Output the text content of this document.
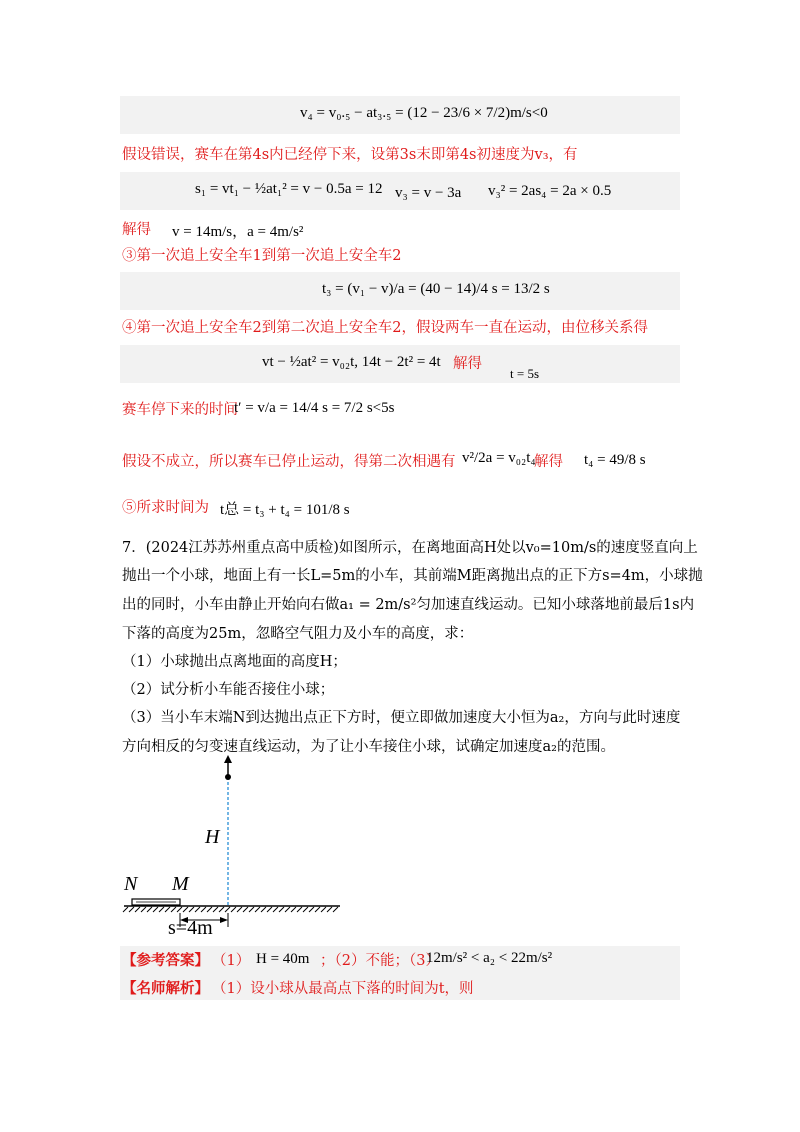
v₄ = v₀.₅ − at₃.₅ = (12 − 23/6 × 7/2)m/s<0
假设错误，赛车在第4s内已经停下来，设第3s末即第4s初速度为v₃，有
s₁ = vt₁ − ½at₁² = v − 0.5a = 12 v₃ = v − 3a v₃² = 2as₄ = 2a × 0.5
解得 v = 14m/s，a = 4m/s²
③第一次追上安全车1到第一次追上安全车2
t₃ = (v₁ − v)/a = (40 − 14)/4 s = 13/2 s
④第一次追上安全车2到第二次追上安全车2，假设两车一直在运动，由位移关系得
vt − ½at² = v₀₂t, 14t − 2t² = 4t 解得
t = 5s
赛车停下来的时间
t′ = v/a = 14/4 s = 7/2 s<5s
假设不成立，所以赛车已停止运动，得第二次相遇有 v²/2a = v₀₂t₄
解得 t₄ = 49/8 s
⑤所求时间为 t总 = t₃ + t₄ = 101/8 s
7．(2024江苏苏州重点高中质检)如图所示，在离地面高H处以v₀=10m/s的速度竖直向上
抛出一个小球，地面上有一长L=5m的小车，其前端M距离抛出点的正下方s=4m，小球抛
出的同时，小车由静止开始向右做a₁ = 2m/s²匀加速直线运动。已知小球落地前最后1s内
下落的高度为25m，忽略空气阻力及小车的高度，求：
（1）小球抛出点离地面的高度H；
（2）试分析小车能否接住小球；
（3）当小车末端N到达抛出点正下方时，便立即做加速度大小恒为a₂，方向与此时速度
方向相反的匀变速直线运动，为了让小车接住小球，试确定加速度a₂的范围。
H
N M
s=4m
【参考答案】 （1） H = 40m ；（2）不能；（3）
12m/s² < a₂ < 22m/s²
【名师解析】 （1）设小球从最高点下落的时间为t，则
